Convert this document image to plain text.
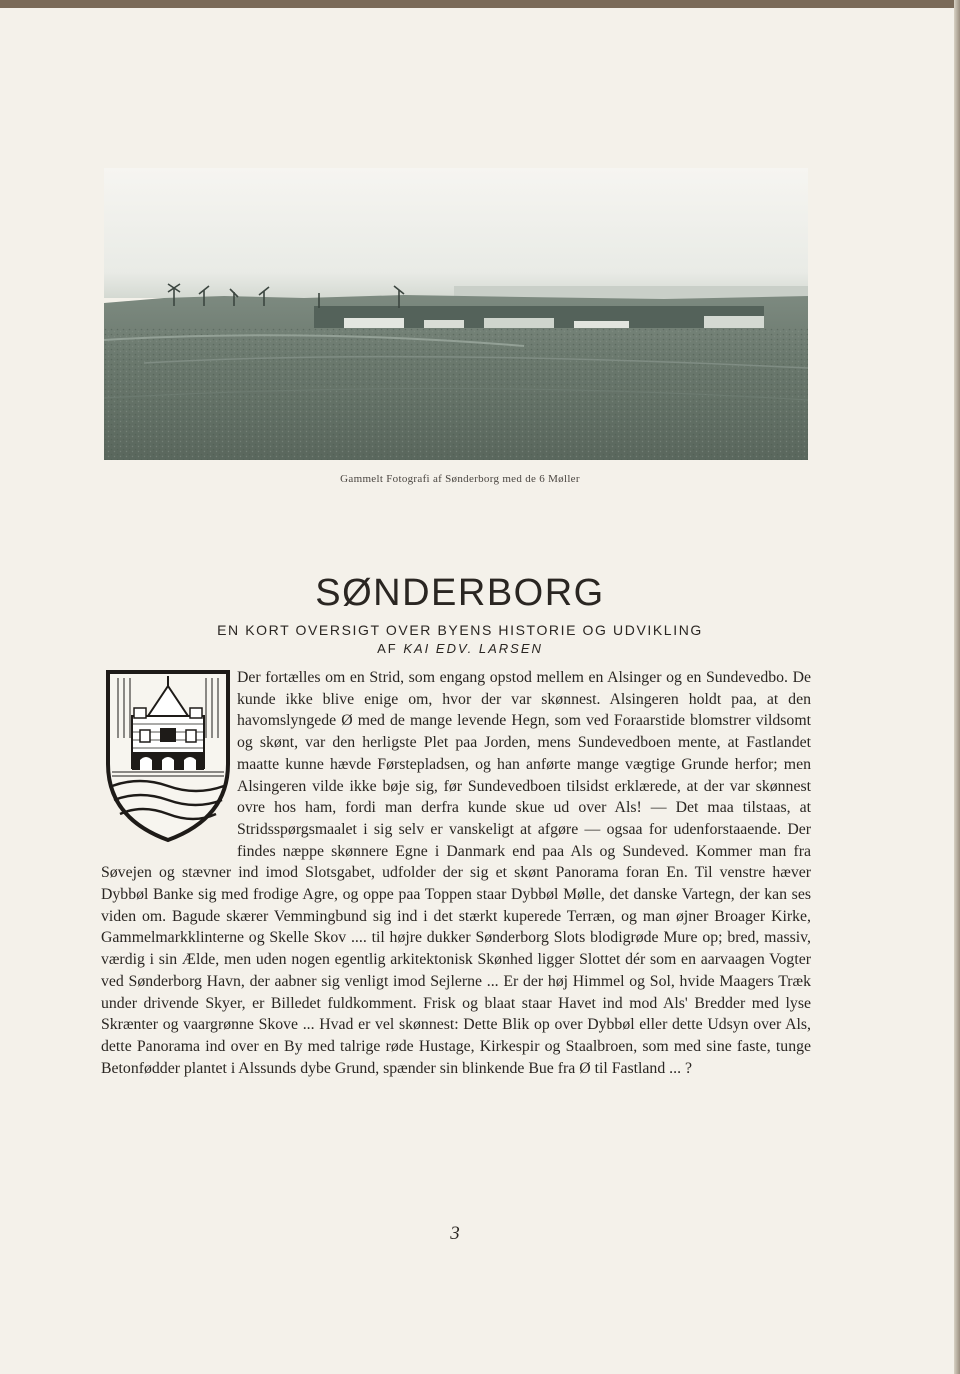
Gammelt Fotografi af Sønderborg med de 6 Møller
SØNDERBORG
EN KORT OVERSIGT OVER BYENS HISTORIE OG UDVIKLING
AF KAI EDV. LARSEN

Der fortælles om en Strid, som engang opstod mellem en Alsinger og en Sundevedbo. De kunde ikke blive enige om, hvor der var skønnest. Alsingeren holdt paa, at den havomslyngede Ø med de mange levende Hegn, som ved Foraarstide blomstrer vildsomt og skønt, var den herligste Plet paa Jorden, mens Sundevedboen mente, at Fastlandet maatte kunne hævde Førstepladsen, og han anførte mange vægtige Grunde herfor; men Alsingeren vilde ikke bøje sig, før Sundevedboen tilsidst erklærede, at der var skønnest ovre hos ham, fordi man derfra kunde skue ud over Als! — Det maa tilstaas, at Stridsspørgsmaalet i sig selv er vanskeligt at afgøre — ogsaa for udenforstaaende. Der findes næppe skønnere Egne i Danmark end paa Als og Sundeved. Kommer man fra Søvejen og stævner ind imod Slotsgabet, udfolder der sig et skønt Panorama foran En. Til venstre hæver Dybbøl Banke sig med frodige Agre, og oppe paa Toppen staar Dybbøl Mølle, det danske Vartegn, der kan ses viden om. Bagude skærer Vemmingbund sig ind i det stærkt kuperede Terræn, og man øjner Broager Kirke, Gammelmarkklinterne og Skelle Skov .... til højre dukker Sønderborg Slots blodigrøde Mure op; bred, massiv, værdig i sin Ælde, men uden nogen egentlig arkitektonisk Skønhed ligger Slottet dér som en aarvaagen Vogter ved Sønderborg Havn, der aabner sig venligt imod Sejlerne ... Er der høj Himmel og Sol, hvide Maagers Træk under drivende Skyer, er Billedet fuldkomment. Frisk og blaat staar Havet ind mod Als' Bredder med lyse Skrænter og vaargrønne Skove ... Hvad er vel skønnest: Dette Blik op over Dybbøl eller dette Udsyn over Als, dette Panorama ind over en By med talrige røde Hustage, Kirkespir og Staalbroen, som med sine faste, tunge Betonfødder plantet i Alssunds dybe Grund, spænder sin blinkende Bue fra Ø til Fastland ... ?

3
